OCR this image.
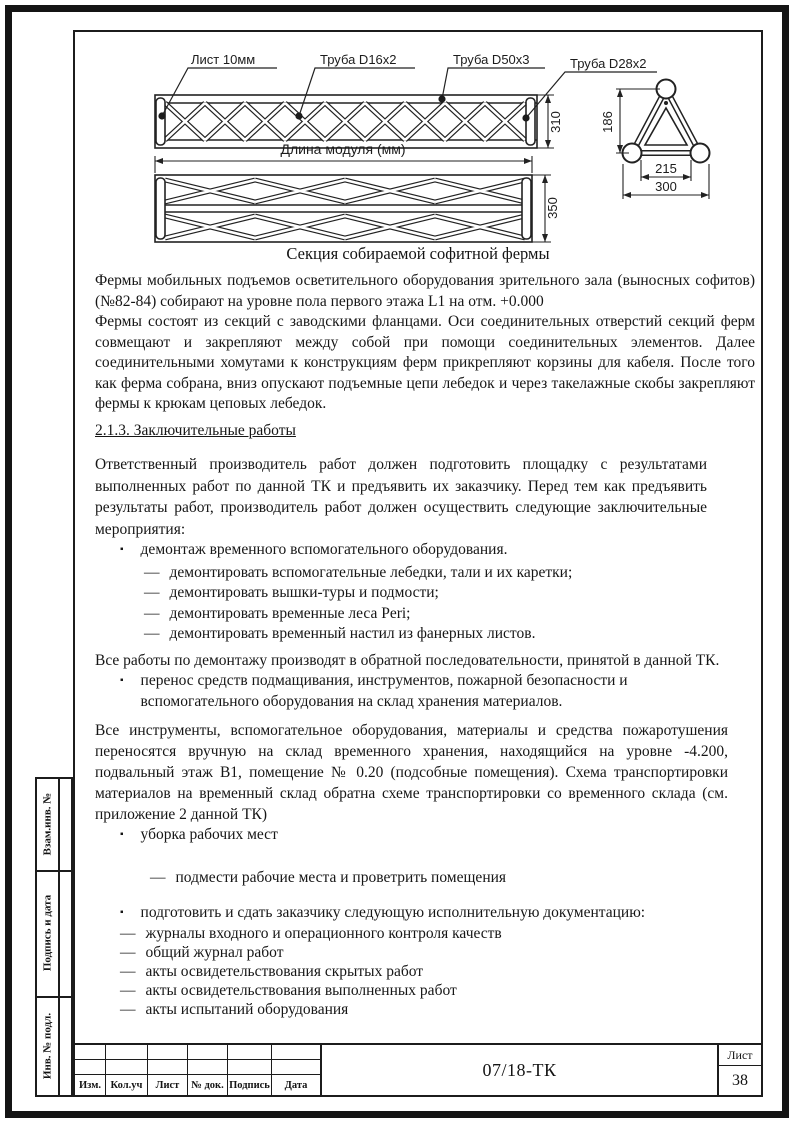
310
Лист 10мм	Труба D16x2	Труба D50x3	Труба D28x2
Длина модуля (мм)
350
186
215
300
Секция собираемой софитной фермы

Фермы мобильных подъемов осветительного оборудования зрительного зала (выносных софитов) (№82-84) собирают на уровне пола первого этажа L1 на отм. +0.000

Фермы состоят из секций с заводскими фланцами. Оси соединительных отверстий секций ферм совмещают и закрепляют между собой при помощи соединительных элементов. Далее соединительными хомутами к конструкциям ферм прикрепляют корзины для кабеля. После того как ферма собрана, вниз опускают подъемные цепи лебедок и через такелажные скобы закрепляют фермы к крюкам цеповых лебедок.

2.1.3. Заключительные работы

Ответственный производитель работ должен подготовить площадку с результатами выполненных работ по данной ТК и предъявить их заказчику. Перед тем как предъявить результаты работ, производитель работ должен осуществить следующие заключительные мероприятия:

▪ демонтаж временного вспомогательного оборудования.
— демонтировать вспомогательные лебедки, тали и их каретки;
— демонтировать вышки-туры и подмости;
— демонтировать временные леса Peri;
— демонтировать временный настил из фанерных листов.

Все работы по демонтажу производят в обратной последовательности, принятой в данной ТК.

▪ перенос средств подмащивания, инструментов, пожарной безопасности и вспомогательного оборудования на склад хранения материалов.

Все инструменты, вспомогательное оборудования, материалы и средства пожаротушения переносятся вручную на склад временного хранения, находящийся на уровне -4.200, подвальный этаж B1, помещение № 0.20 (подсобные помещения). Схема транспортировки материалов на временный склад обратна схеме транспортировки со временного склада (см. приложение 2 данной ТК)

▪ уборка рабочих мест
— подмести рабочие места и проветрить помещения
▪ подготовить и сдать заказчику следующую исполнительную документацию:
— журналы входного и операционного контроля качеств
— общий журнал работ
— акты освидетельствования скрытых работ
— акты освидетельствования выполненных работ
— акты испытаний оборудования
Взам.инв. №
Подпись и дата
Инв. № подл.
Изм. Кол.уч	Лист	№ док. Подпись	Дата
07/18-ТК
Лист
38
